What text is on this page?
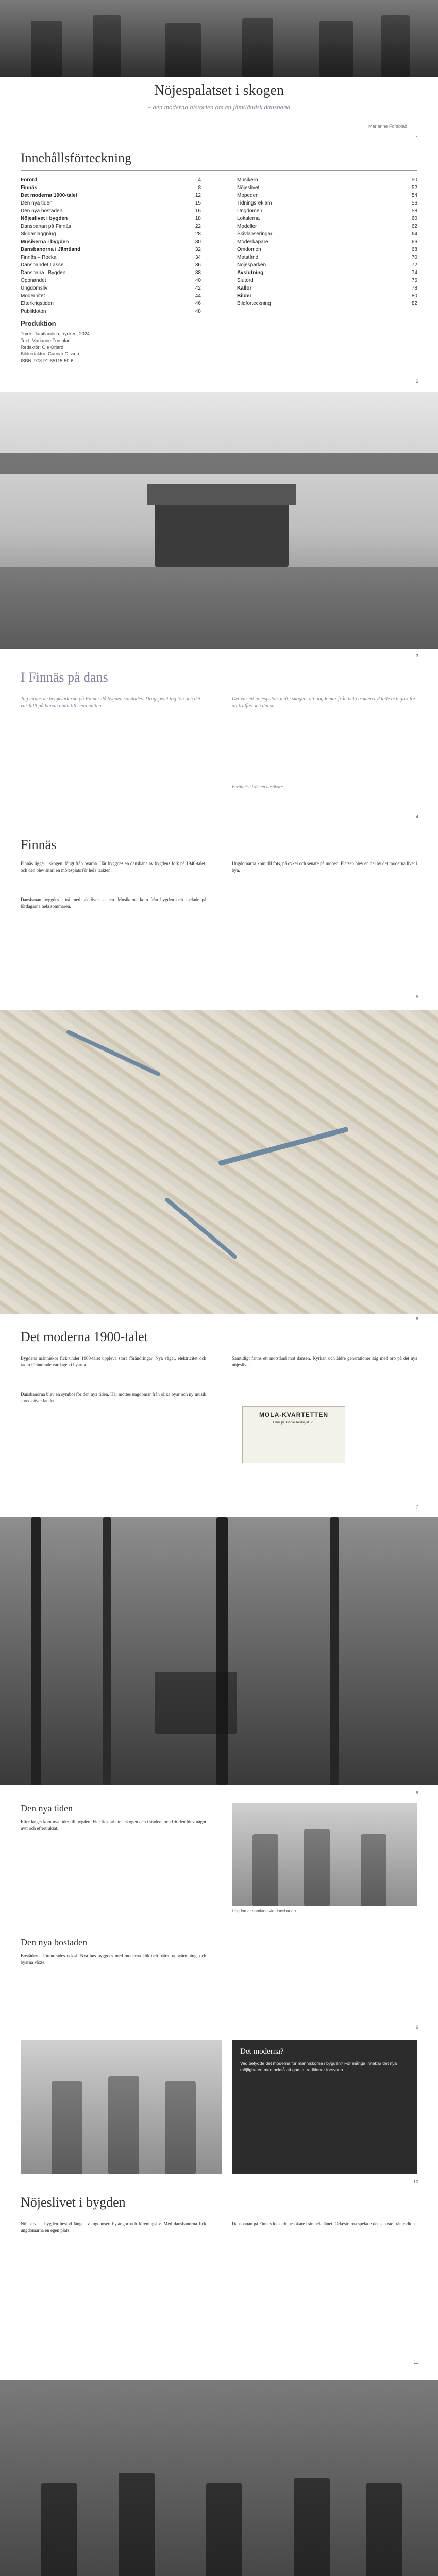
Nöjespalatset i skogen
– den moderna historien om en jämtländsk dansbana
Marianne Forsblad
1
Innehållsförteckning
Förord	4
Finnäs	8
Det moderna 1900-talet	12
Den nya tiden	15
Den nya bostaden	16
Nöjeslivet i bygden	18
Dansbanan på Finnäs	22
Skidanläggning	28
Musikerna i bygden	30
Dansbanorna i Jämtland	32
Finnäs – Rocka	34
Dansbandet Lasse	36
Dansbana i Bygden	38
Öppnandet	40
Ungdomsliv	42
Modernitet	44
Efterkrigstiden	46
Publikfoton	48
Musikern	50
Nöjeslivet	52
Mopeden	54
Tidningsreklam	56
Ungdomen	58
Lokalerna	60
Modeller	62
Skivlanseringar	64
Modeskapare	66
Omdömen	68
Motstånd	70
Nöjesparken	72
Avslutning	74
Slutord	76
Källor	78
Bilder	80
Bildförteckning	82
Produktion
Tryck: Jamtlandica, tryckeri, 2024
Text: Marianne Forsblad
Redaktör: Öie Orjard
Bildredaktör: Gunnar Olsson
ISBN: 978-91-85115-50-6
2
3
I Finnäs på dans
Jag minns de helgkvällarna på Finnäs då bygden samlades. Dragspelet tog ton och det var fullt på banan ända till sena natten.
Det var ett nöjespalats mitt i skogen, dit ungdomar från hela trakten cyklade och gick för att träffas och dansa.
Berättelse från en besökare
4
Finnäs
Finnäs ligger i skogen, långt från byarna. Här byggdes en dansbana av bygdens folk på 1940-talet, och den blev snart en mötesplats för hela trakten.
Dansbanan byggdes i trä med tak över scenen. Musikerna kom från bygden och spelade på lördagarna hela sommaren.
Ungdomarna kom till fots, på cykel och senare på moped. Platsen blev en del av det moderna livet i byn.
5
6
Det moderna 1900-talet
Bygdens människor fick under 1900-talet uppleva stora förändringar. Nya vägar, elektricitet och radio förändrade vardagen i byarna.
Dansbanorna blev en symbol för den nya tiden. Här möttes ungdomar från olika byar och ny musik spreds över landet.
Samtidigt fanns ett motstånd mot dansen. Kyrkan och äldre generationer såg med oro på det nya nöjeslivet.
MOLA-KVARTETTEN
Dans på Finnäs lördag kl. 20
7
8
Den nya tiden
Efter kriget kom nya tider till bygden. Fler fick arbete i skogen och i staden, och fritiden blev något nytt och eftertraktat.
Ungdomar samlade vid dansbanan
Den nya bostaden
Bostäderna förändrades också. Nya hus byggdes med moderna kök och bättre uppvärmning, och byarna växte.
9
Det moderna?

Vad betydde det moderna för människorna i bygden? För många innebar det nya möjligheter, men också att gamla traditioner försvann.

10
Nöjeslivet i bygden
Nöjeslivet i bygden bestod länge av logdanser, bystugor och föreningsliv. Med dansbanorna fick ungdomarna en egen plats.
Dansbanan på Finnäs lockade besökare från hela länet. Orkestrarna spelade det senaste från radion.
11
